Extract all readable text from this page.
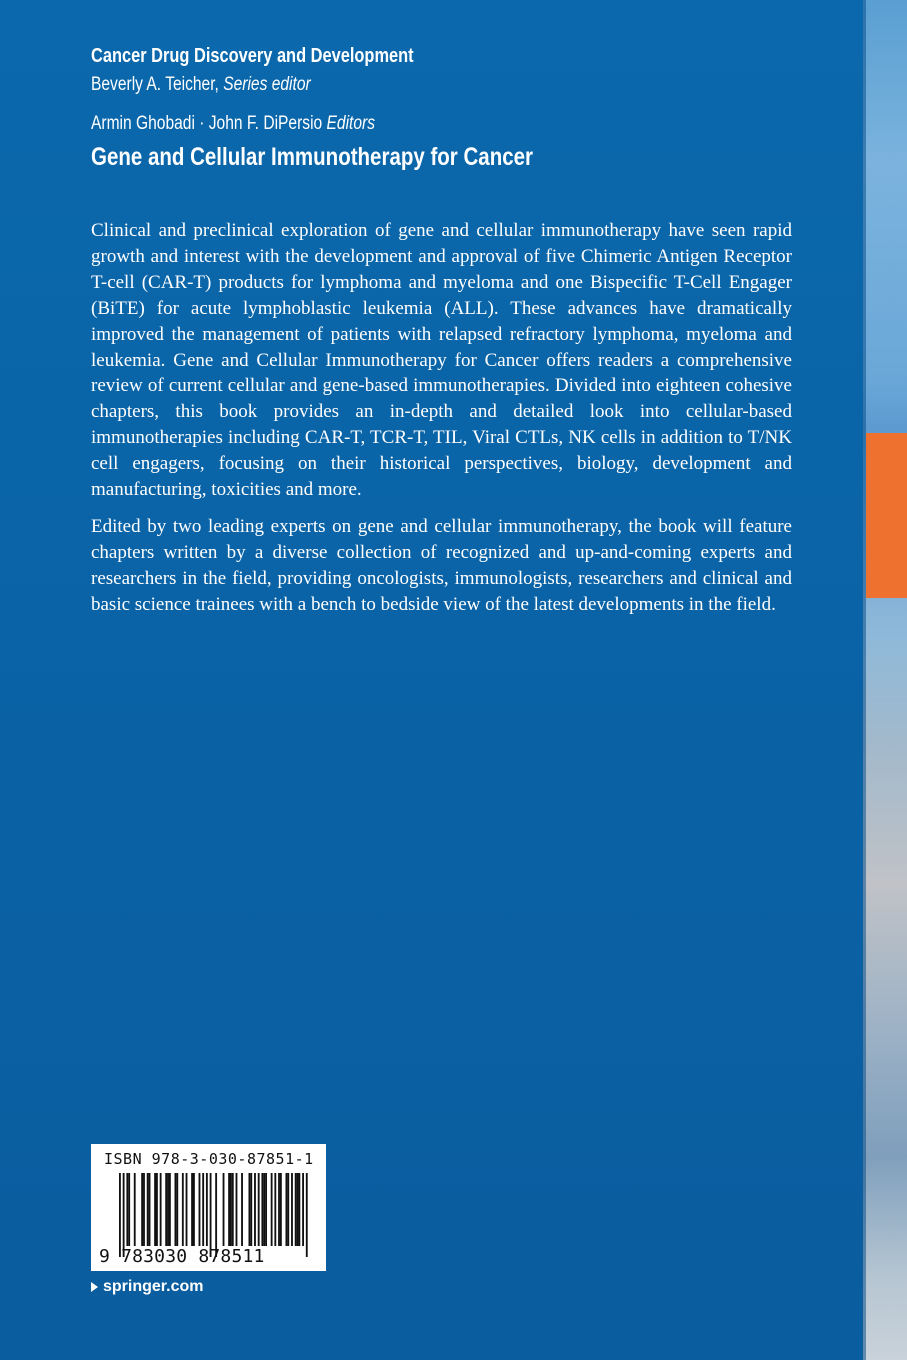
Cancer Drug Discovery and Development
Beverly A. Teicher, Series editor
Armin Ghobadi · John F. DiPersio Editors
Gene and Cellular Immunotherapy for Cancer

Clinical and preclinical exploration of gene and cellular immunotherapy have seen rapid growth and interest with the development and approval of five Chimeric Antigen Receptor T-cell (CAR-T) products for lymphoma and myeloma and one Bispecific T-Cell Engager (BiTE) for acute lymphoblastic leukemia (ALL). These advances have dramatically improved the management of patients with relapsed refractory lymphoma, myeloma and leukemia. Gene and Cellular Immunotherapy for Cancer offers readers a comprehensive review of current cellular and gene-based immunotherapies. Divided into eighteen cohesive chapters, this book provides an in-depth and detailed look into cellular-based immunotherapies including CAR-T, TCR-T, TIL, Viral CTLs, NK cells in addition to T/NK cell engagers, focusing on their historical perspectives, biology, development and manufacturing, toxicities and more.

Edited by two leading experts on gene and cellular immunotherapy, the book will feature chapters written by a diverse collection of recognized and up-and-coming experts and researchers in the field, providing oncologists, immunologists, researchers and clinical and basic science trainees with a bench to bedside view of the latest developments in the field.

ISBN 978-3-030-87851-1
9 783030 878511
springer.com
